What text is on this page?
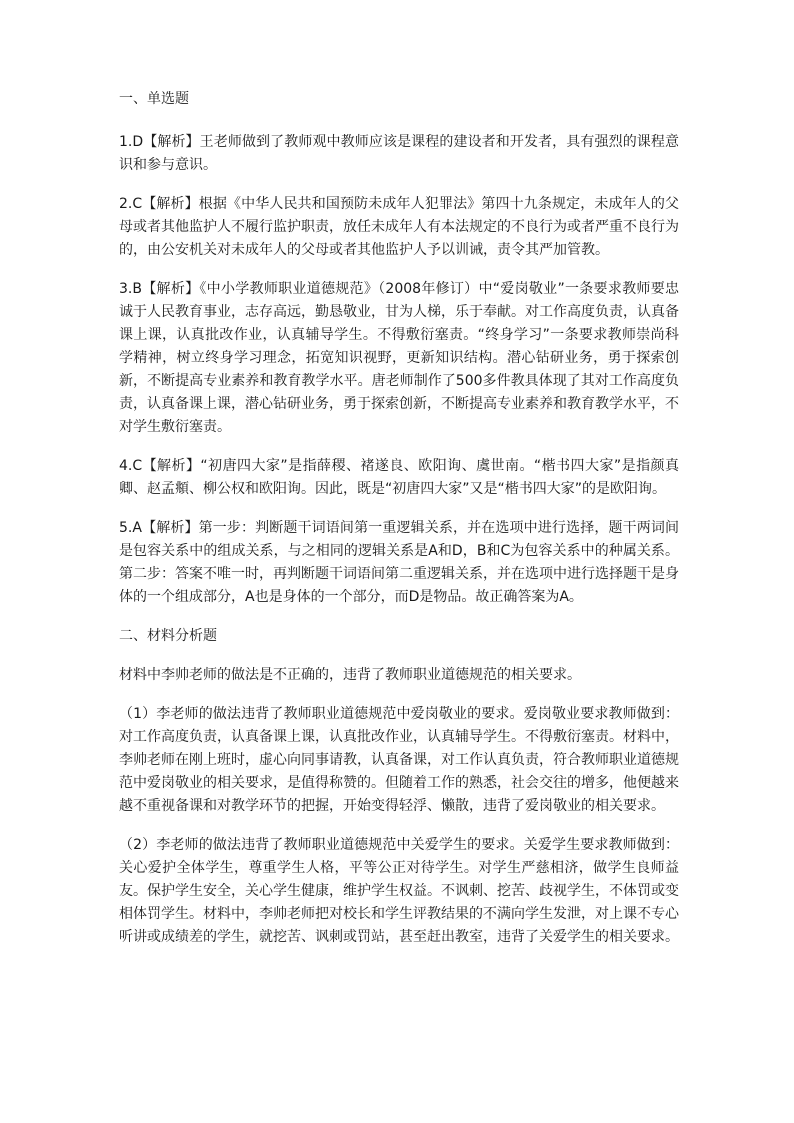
一、单选题

1.D【解析】王老师做到了教师观中教师应该是课程的建设者和开发者，具有强烈的课程意识和参与意识。

2.C【解析】根据《中华人民共和国预防未成年人犯罪法》第四十九条规定，未成年人的父母或者其他监护人不履行监护职责，放任未成年人有本法规定的不良行为或者严重不良行为的，由公安机关对未成年人的父母或者其他监护人予以训诫，责令其严加管教。

3.B【解析】《中小学教师职业道德规范》（2008年修订）中“爱岗敬业”一条要求教师要忠诚于人民教育事业，志存高远，勤恳敬业，甘为人梯，乐于奉献。对工作高度负责，认真备课上课，认真批改作业，认真辅导学生。不得敷衍塞责。“终身学习”一条要求教师崇尚科学精神，树立终身学习理念，拓宽知识视野，更新知识结构。潜心钻研业务，勇于探索创新，不断提高专业素养和教育教学水平。唐老师制作了500多件教具体现了其对工作高度负责，认真备课上课，潜心钻研业务，勇于探索创新，不断提高专业素养和教育教学水平，不对学生敷衍塞责。

4.C【解析】“初唐四大家”是指薛稷、褚遂良、欧阳询、虞世南。“楷书四大家”是指颜真卿、赵孟頫、柳公权和欧阳询。因此，既是“初唐四大家”又是“楷书四大家”的是欧阳询。

5.A【解析】第一步：判断题干词语间第一重逻辑关系，并在选项中进行选择，题干两词间是包容关系中的组成关系，与之相同的逻辑关系是A和D，B和C为包容关系中的种属关系。第二步：答案不唯一时，再判断题干词语间第二重逻辑关系，并在选项中进行选择题干是身体的一个组成部分，A也是身体的一个部分，而D是物品。故正确答案为A。

二、材料分析题

材料中李帅老师的做法是不正确的，违背了教师职业道德规范的相关要求。

（1）李老师的做法违背了教师职业道德规范中爱岗敬业的要求。爱岗敬业要求教师做到：对工作高度负责，认真备课上课，认真批改作业，认真辅导学生。不得敷衍塞责。材料中，李帅老师在刚上班时，虚心向同事请教，认真备课，对工作认真负责，符合教师职业道德规范中爱岗敬业的相关要求，是值得称赞的。但随着工作的熟悉，社会交往的增多，他便越来越不重视备课和对教学环节的把握，开始变得轻浮、懒散，违背了爱岗敬业的相关要求。

（2）李老师的做法违背了教师职业道德规范中关爱学生的要求。关爱学生要求教师做到：关心爱护全体学生，尊重学生人格，平等公正对待学生。对学生严慈相济，做学生良师益友。保护学生安全，关心学生健康，维护学生权益。不讽刺、挖苦、歧视学生，不体罚或变相体罚学生。材料中，李帅老师把对校长和学生评教结果的不满向学生发泄，对上课不专心听讲或成绩差的学生，就挖苦、讽刺或罚站，甚至赶出教室，违背了关爱学生的相关要求。
